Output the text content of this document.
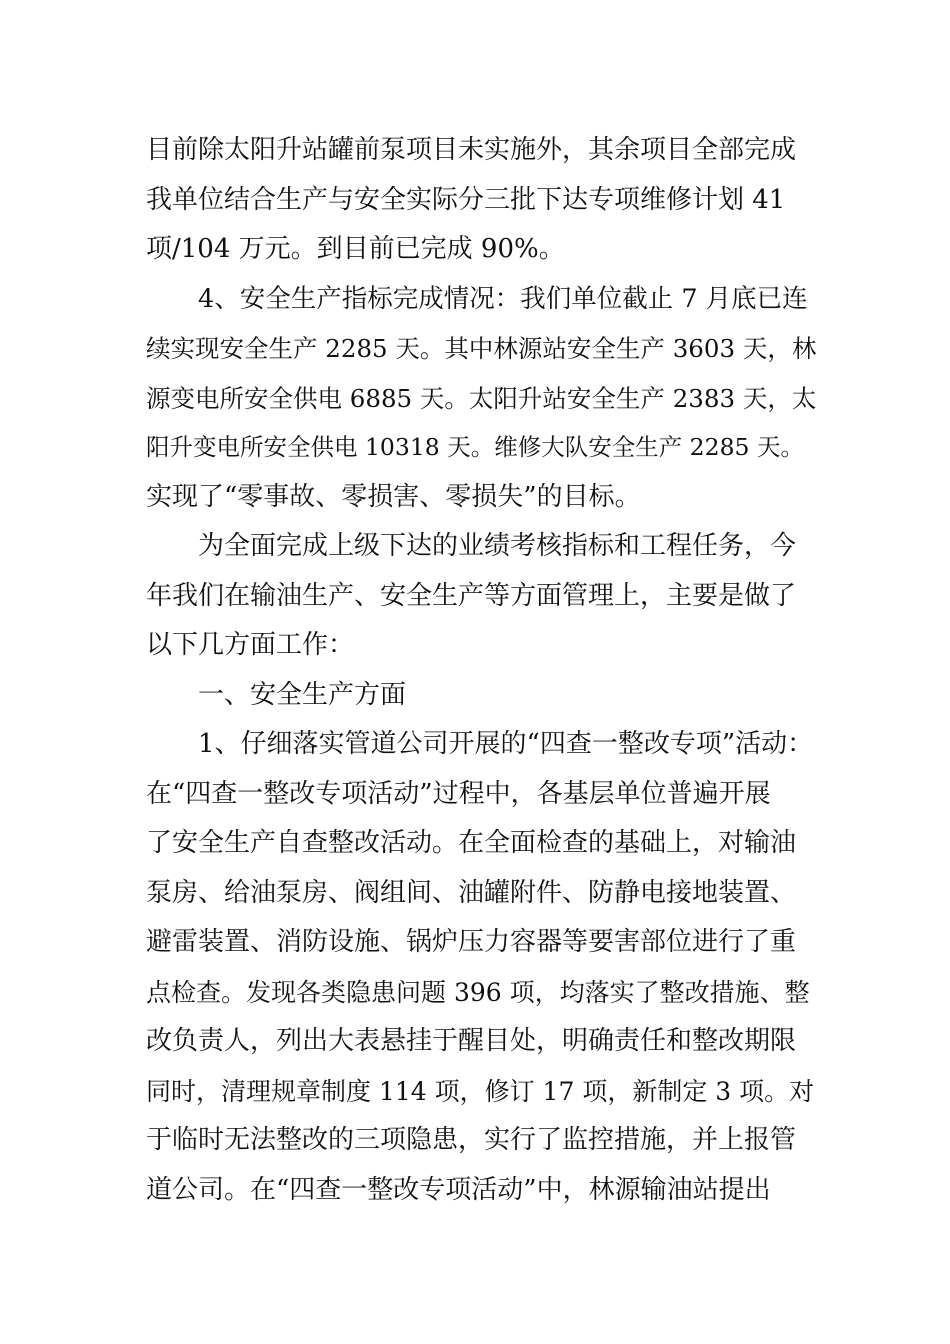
目前除太阳升站罐前泵项目未实施外，其余项目全部完成
我单位结合生产与安全实际分三批下达专项维修计划 41
项/104 万元。到目前已完成 90%。
4、安全生产指标完成情况：我们单位截止 7 月底已连
续实现安全生产 2285 天。其中林源站安全生产 3603 天，林
源变电所安全供电 6885 天。太阳升站安全生产 2383 天，太
阳升变电所安全供电 10318 天。维修大队安全生产 2285 天。
实现了“零事故、零损害、零损失”的目标。
为全面完成上级下达的业绩考核指标和工程任务，今
年我们在输油生产、安全生产等方面管理上，主要是做了
以下几方面工作：
一、安全生产方面
1、仔细落实管道公司开展的“四查一整改专项”活动：
在“四查一整改专项活动”过程中，各基层单位普遍开展
了安全生产自查整改活动。在全面检查的基础上，对输油
泵房、给油泵房、阀组间、油罐附件、防静电接地装置、
避雷装置、消防设施、锅炉压力容器等要害部位进行了重
点检查。发现各类隐患问题 396 项，均落实了整改措施、整
改负责人，列出大表悬挂于醒目处，明确责任和整改期限
同时，清理规章制度 114 项，修订 17 项，新制定 3 项。对
于临时无法整改的三项隐患，实行了监控措施，并上报管
道公司。在“四查一整改专项活动”中，林源输油站提出
